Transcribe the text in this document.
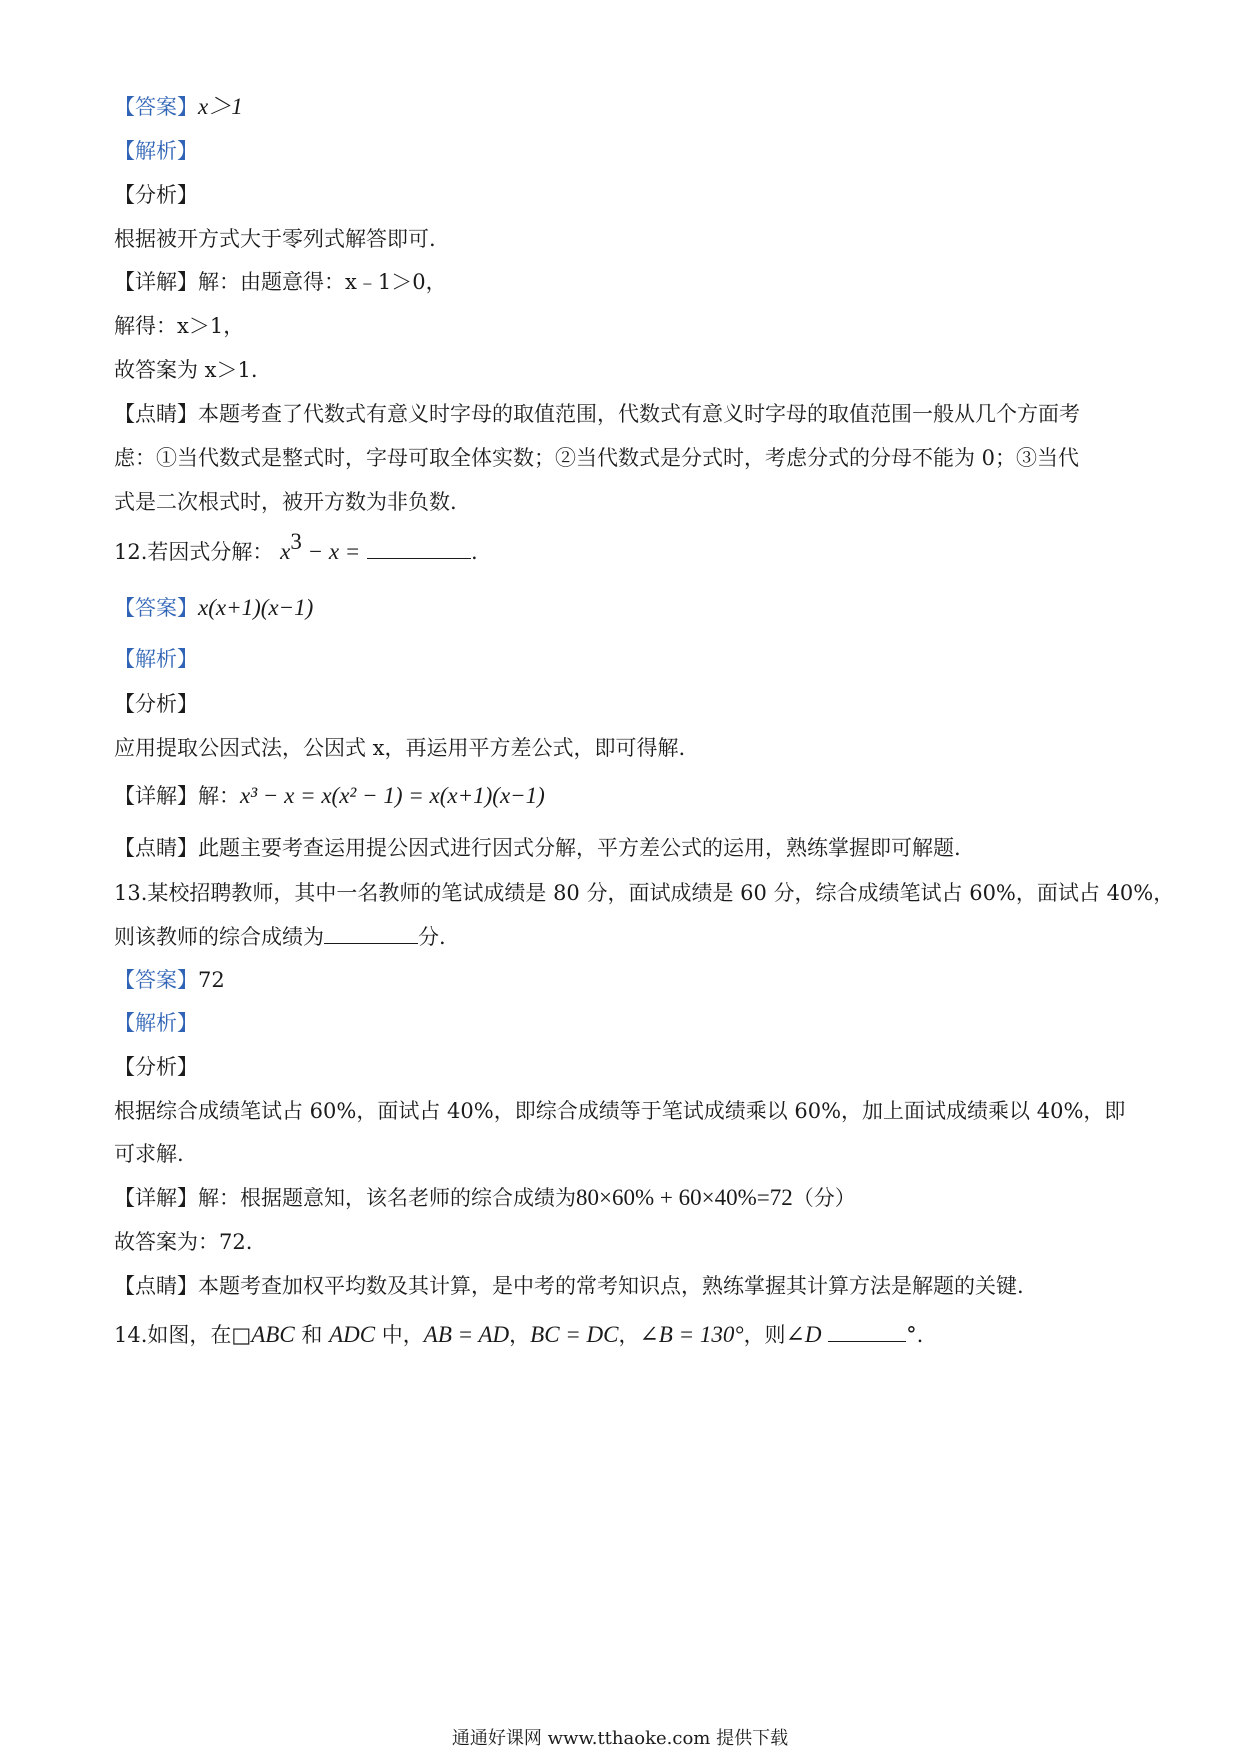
【答案】x＞1
【解析】
【分析】
根据被开方式大于零列式解答即可.
【详解】解：由题意得：x﹣1＞0，
解得：x＞1，
故答案为 x＞1.
【点睛】本题考查了代数式有意义时字母的取值范围，代数式有意义时字母的取值范围一般从几个方面考
虑：①当代数式是整式时，字母可取全体实数；②当代数式是分式时，考虑分式的分母不能为 0；③当代
式是二次根式时，被开方数为非负数.
12.若因式分解： $x^3 - x$ =	.
【答案】x(x+1)(x−1)
【解析】
【分析】
应用提取公因式法，公因式 x，再运用平方差公式，即可得解.
【详解】解：x³ − x = x(x² − 1) = x(x+1)(x−1)
【点睛】此题主要考查运用提公因式进行因式分解，平方差公式的运用，熟练掌握即可解题.
13.某校招聘教师，其中一名教师的笔试成绩是 80 分，面试成绩是 60 分，综合成绩笔试占 60%，面试占 40%，
则该教师的综合成绩为	分.
【答案】72
【解析】
【分析】
根据综合成绩笔试占 60%，面试占 40%，即综合成绩等于笔试成绩乘以 60%，加上面试成绩乘以 40%，即
可求解.
【详解】解：根据题意知，该名老师的综合成绩为80×60% + 60×40%=72（分）
故答案为：72.
【点睛】本题考查加权平均数及其计算，是中考的常考知识点，熟练掌握其计算方法是解题的关键.
14.如图，在□ABC 和 ADC 中，AB = AD，BC = DC，∠B = 130°，则∠D	°.
通通好课网 www.tthaoke.com 提供下载
